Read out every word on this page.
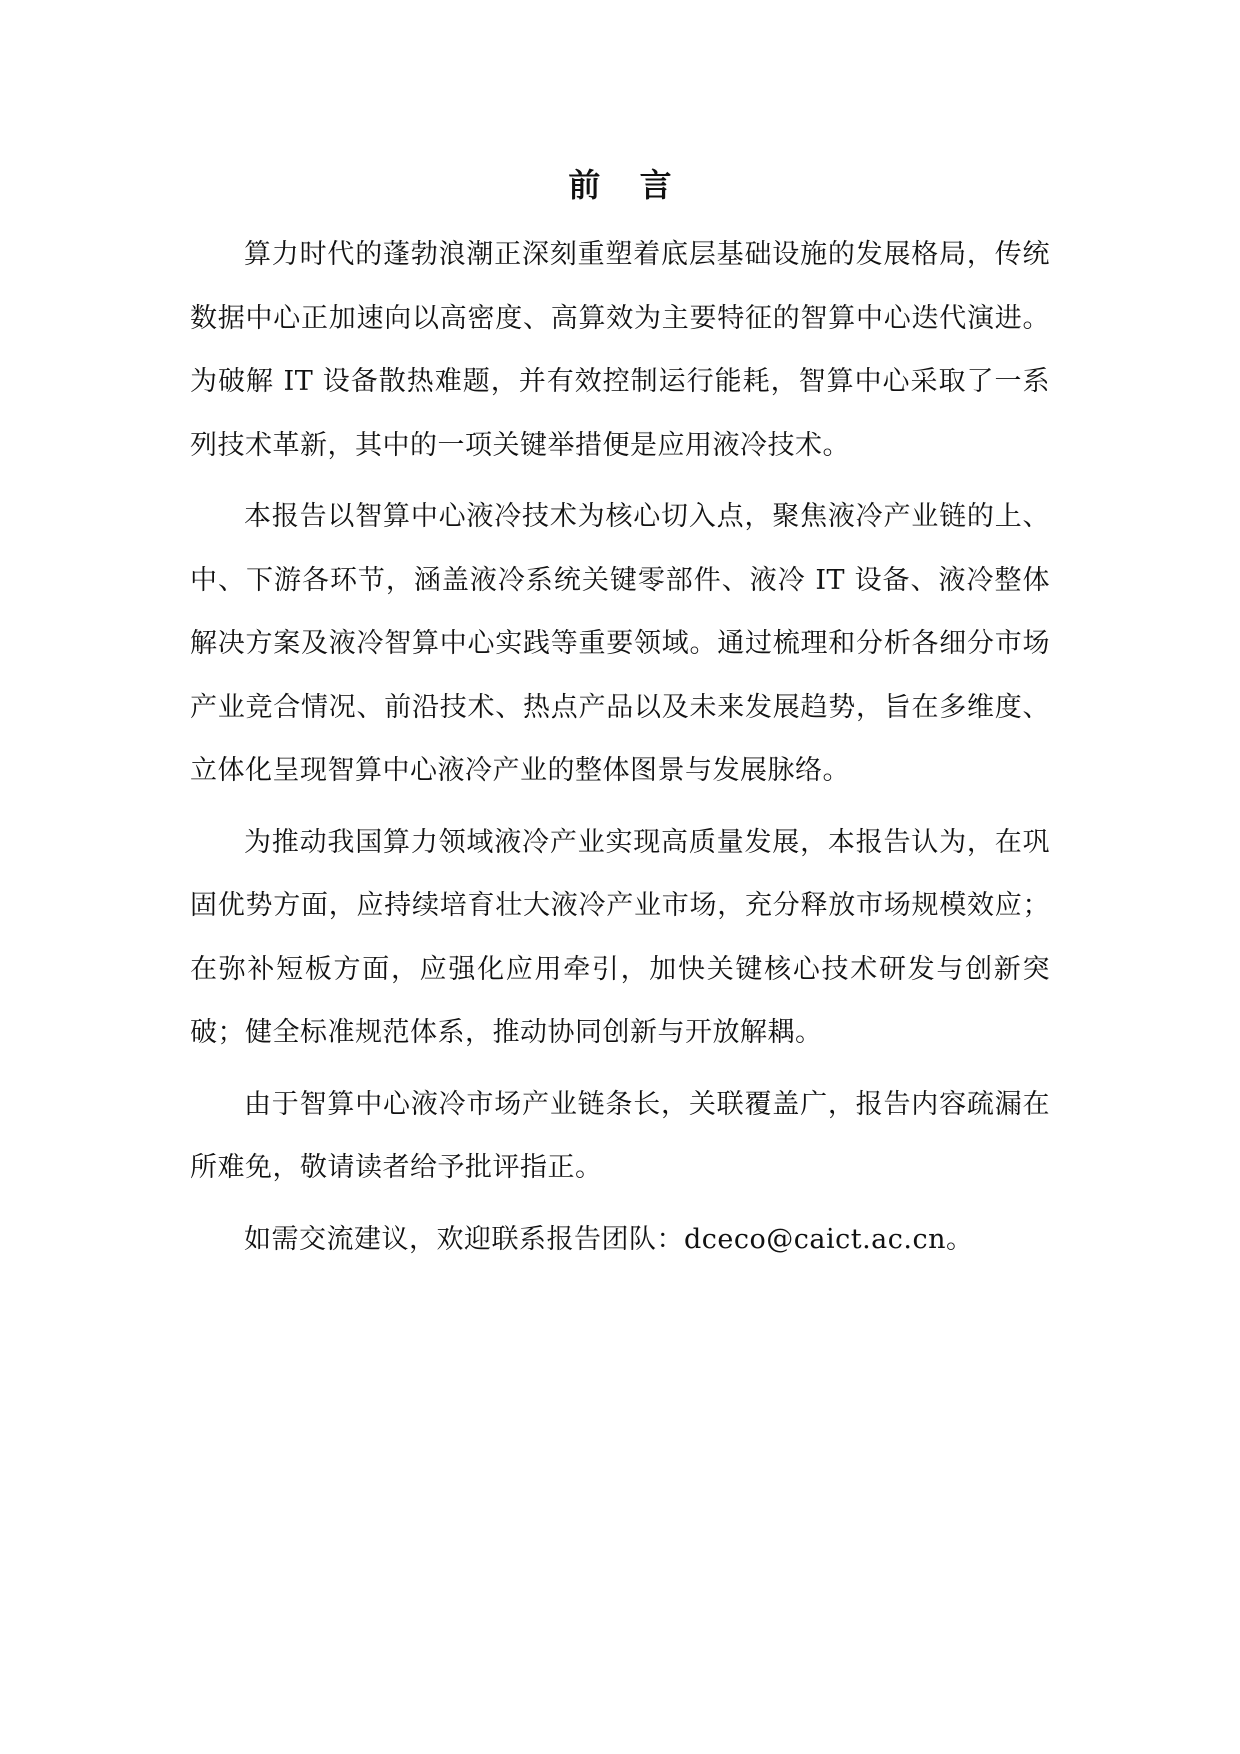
前 言

算力时代的蓬勃浪潮正深刻重塑着底层基础设施的发展格局，传统数据中心正加速向以高密度、高算效为主要特征的智算中心迭代演进。为破解 IT 设备散热难题，并有效控制运行能耗，智算中心采取了一系列技术革新，其中的一项关键举措便是应用液冷技术。

本报告以智算中心液冷技术为核心切入点，聚焦液冷产业链的上、中、下游各环节，涵盖液冷系统关键零部件、液冷 IT 设备、液冷整体解决方案及液冷智算中心实践等重要领域。通过梳理和分析各细分市场产业竞合情况、前沿技术、热点产品以及未来发展趋势，旨在多维度、立体化呈现智算中心液冷产业的整体图景与发展脉络。

为推动我国算力领域液冷产业实现高质量发展，本报告认为，在巩固优势方面，应持续培育壮大液冷产业市场，充分释放市场规模效应；在弥补短板方面，应强化应用牵引，加快关键核心技术研发与创新突破；健全标准规范体系，推动协同创新与开放解耦。

由于智算中心液冷市场产业链条长，关联覆盖广，报告内容疏漏在所难免，敬请读者给予批评指正。

如需交流建议，欢迎联系报告团队：dceco@caict.ac.cn。
